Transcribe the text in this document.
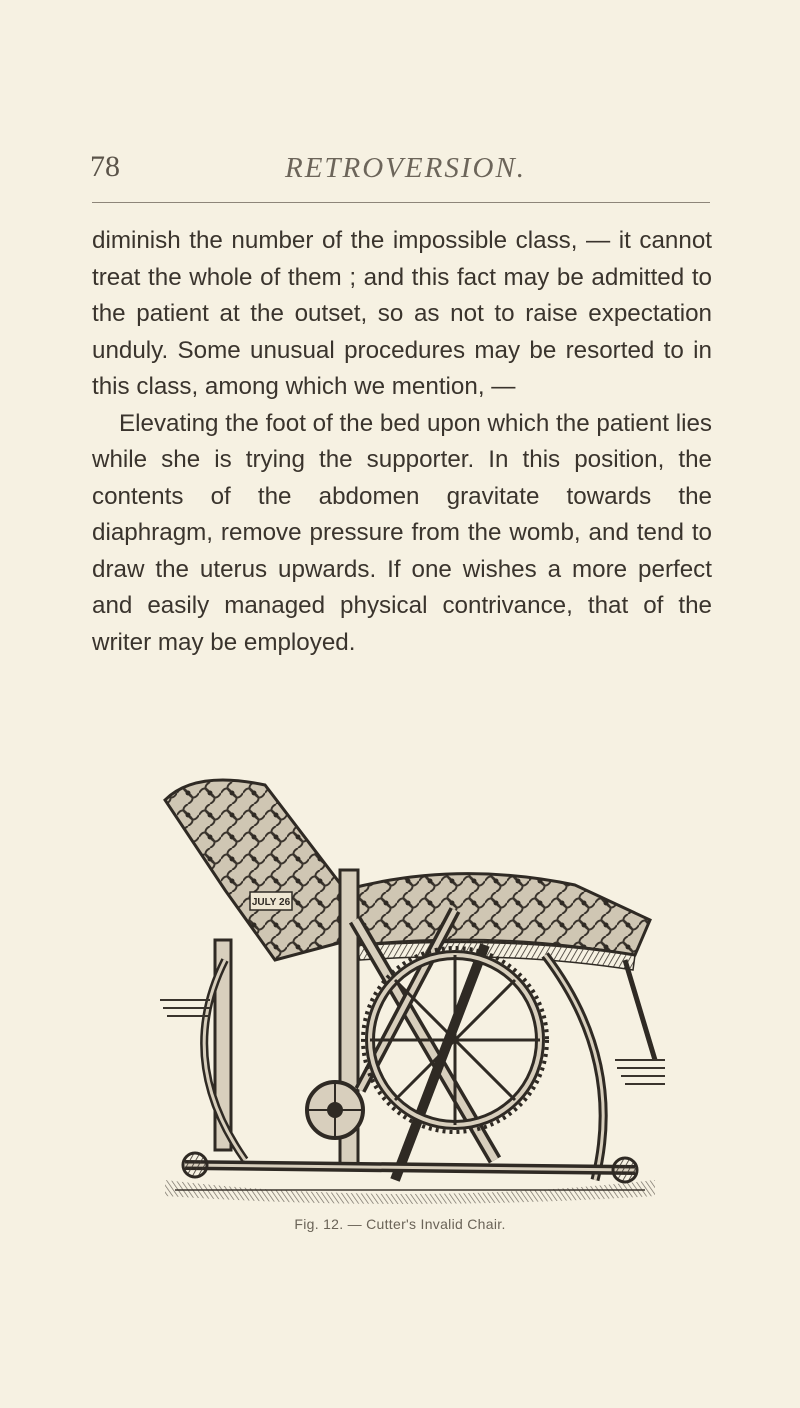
78	RETROVERSION.

diminish the number of the impossible class, — it cannot treat the whole of them ; and this fact may be admitted to the patient at the outset, so as not to raise expectation unduly. Some unusual procedures may be resorted to in this class, among which we mention, —

Elevating the foot of the bed upon which the patient lies while she is trying the supporter. In this position, the contents of the abdomen gravitate towards the diaphragm, remove pressure from the womb, and tend to draw the uterus upwards. If one wishes a more perfect and easily managed physical contrivance, that of the writer may be employed.

JULY 26
Fig. 12. — Cutter's Invalid Chair.
